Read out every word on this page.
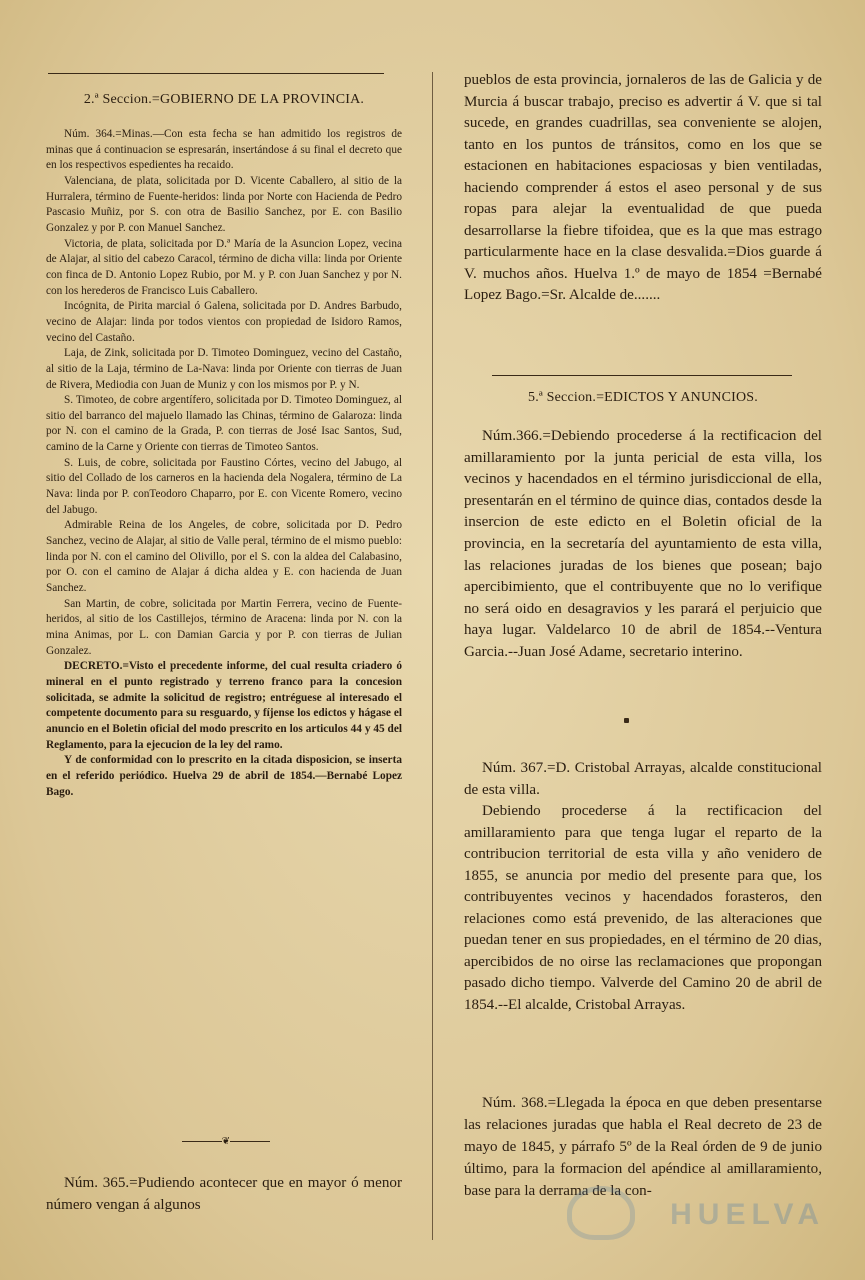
2.ª Seccion.=GOBIERNO DE LA PROVINCIA.

Núm. 364.=Minas.—Con esta fecha se han admitido los registros de minas que á continuacion se espresarán, insertándose á su final el decreto que en los respectivos espedientes ha recaido.

Valenciana, de plata, solicitada por D. Vicente Caballero, al sitio de la Hurralera, término de Fuente-heridos: linda por Norte con Hacienda de Pedro Pascasio Muñiz, por S. con otra de Basilio Sanchez, por E. con Basilio Gonzalez y por P. con Manuel Sanchez.

Victoria, de plata, solicitada por D.ª María de la Asuncion Lopez, vecina de Alajar, al sitio del cabezo Caracol, término de dicha villa: linda por Oriente con finca de D. Antonio Lopez Rubio, por M. y P. con Juan Sanchez y por N. con los herederos de Francisco Luis Caballero.

Incógnita, de Pirita marcial ó Galena, solicitada por D. Andres Barbudo, vecino de Alajar: linda por todos vientos con propiedad de Isidoro Ramos, vecino del Castaño.

Laja, de Zink, solicitada por D. Timoteo Dominguez, vecino del Castaño, al sitio de la Laja, término de La-Nava: linda por Oriente con tierras de Juan de Rivera, Mediodia con Juan de Muniz y con los mismos por P. y N.

S. Timoteo, de cobre argentífero, solicitada por D. Timoteo Dominguez, al sitio del barranco del majuelo llamado las Chinas, término de Galaroza: linda por N. con el camino de la Grada, P. con tierras de José Isac Santos, Sud, camino de la Carne y Oriente con tierras de Timoteo Santos.

S. Luis, de cobre, solicitada por Faustino Córtes, vecino del Jabugo, al sitio del Collado de los carneros en la hacienda dela Nogalera, término de La Nava: linda por P. conTeodoro Chaparro, por E. con Vicente Romero, vecino del Jabugo.

Admirable Reina de los Angeles, de cobre, solicitada por D. Pedro Sanchez, vecino de Alajar, al sitio de Valle peral, término de el mismo pueblo: linda por N. con el camino del Olivillo, por el S. con la aldea del Calabasino, por O. con el camino de Alajar á dicha aldea y E. con hacienda de Juan Sanchez.

San Martin, de cobre, solicitada por Martin Ferrera, vecino de Fuente-heridos, al sitio de los Castillejos, término de Aracena: linda por N. con la mina Animas, por L. con Damian Garcia y por P. con tierras de Julian Gonzalez.

DECRETO.=Visto el precedente informe, del cual resulta criadero ó mineral en el punto registrado y terreno franco para la concesion solicitada, se admite la solicitud de registro; entréguese al interesado el competente documento para su resguardo, y fíjense los edictos y hágase el anuncio en el Boletin oficial del modo prescrito en los articulos 44 y 45 del Reglamento, para la ejecucion de la ley del ramo.

Y de conformidad con lo prescrito en la citada disposicion, se inserta en el referido periódico. Huelva 29 de abril de 1854.—Bernabé Lopez Bago.

❦

Núm. 365.=Pudiendo acontecer que en mayor ó menor número vengan á algunos

pueblos de esta provincia, jornaleros de las de Galicia y de Murcia á buscar trabajo, preciso es advertir á V. que si tal sucede, en grandes cuadrillas, sea conveniente se alojen, tanto en los puntos de tránsitos, como en los que se estacionen en habitaciones espaciosas y bien ventiladas, haciendo comprender á estos el aseo personal y de sus ropas para alejar la eventualidad de que pueda desarrollarse la fiebre tifoidea, que es la que mas estrago particularmente hace en la clase desvalida.=Dios guarde á V. muchos años. Huelva 1.º de mayo de 1854 =Bernabé Lopez Bago.=Sr. Alcalde de.......

5.ª Seccion.=EDICTOS Y ANUNCIOS.

Núm.366.=Debiendo procederse á la rectificacion del amillaramiento por la junta pericial de esta villa, los vecinos y hacendados en el término jurisdiccional de ella, presentarán en el término de quince dias, contados desde la insercion de este edicto en el Boletin oficial de la provincia, en la secretaría del ayuntamiento de esta villa, las relaciones juradas de los bienes que posean; bajo apercibimiento, que el contribuyente que no lo verifique no será oido en desagravios y les parará el perjuicio que haya lugar. Valdelarco 10 de abril de 1854.--Ventura Garcia.--Juan José Adame, secretario interino.

Núm. 367.=D. Cristobal Arrayas, alcalde constitucional de esta villa.

Debiendo procederse á la rectificacion del amillaramiento para que tenga lugar el reparto de la contribucion territorial de esta villa y año venidero de 1855, se anuncia por medio del presente para que, los contribuyentes vecinos y hacendados forasteros, den relaciones como está prevenido, de las alteraciones que puedan tener en sus propiedades, en el término de 20 dias, apercibidos de no oirse las reclamaciones que propongan pasado dicho tiempo. Valverde del Camino 20 de abril de 1854.--El alcalde, Cristobal Arrayas.

Núm. 368.=Llegada la época en que deben presentarse las relaciones juradas que habla el Real decreto de 23 de mayo de 1845, y párrafo 5º de la Real órden de 9 de junio último, para la formacion del apéndice al amillaramiento, base para la derrama de la con-

HUELVA
